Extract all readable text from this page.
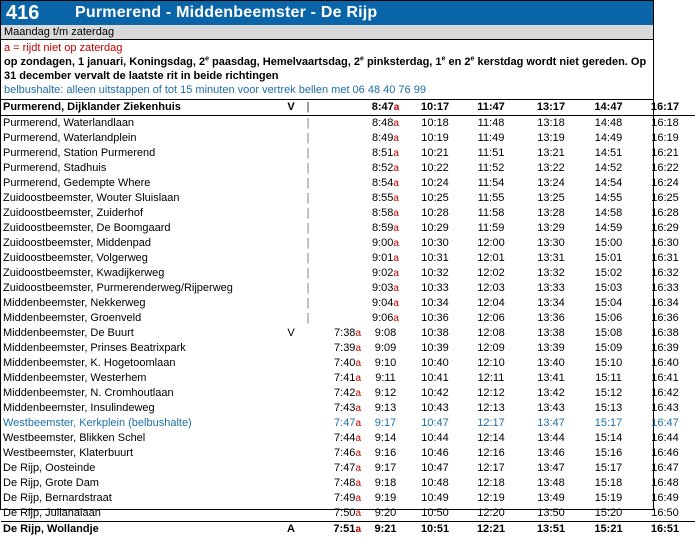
416	Purmerend - Middenbeemster - De Rijp
Maandag t/m zaterdag
a = rijdt niet op zaterdag
op zondagen, 1 januari, Koningsdag, 2e paasdag, Hemelvaartsdag, 2e pinksterdag, 1e en 2e kerstdag wordt niet gereden. Op 31 december vervalt de laatste rit in beide richtingen
belbushalte: alleen uitstappen of tot 15 minuten voor vertrek bellen met 06 48 40 76 99
Purmerend, Dijklander Ziekenhuis	V	|		8:47a	10:17	11:47	13:17	14:47	16:17	
Purmerend, Waterlandlaan		|		8:48a	10:18	11:48	13:18	14:48	16:18	
Purmerend, Waterlandplein		|		8:49a	10:19	11:49	13:19	14:49	16:19	
Purmerend, Station Purmerend		|		8:51a	10:21	11:51	13:21	14:51	16:21	
Purmerend, Stadhuis		|		8:52a	10:22	11:52	13:22	14:52	16:22	
Purmerend, Gedempte Where		|		8:54a	10:24	11:54	13:24	14:54	16:24	
Zuidoostbeemster, Wouter Sluislaan		|		8:55a	10:25	11:55	13:25	14:55	16:25	
Zuidoostbeemster, Zuiderhof		|		8:58a	10:28	11:58	13:28	14:58	16:28	
Zuidoostbeemster, De Boomgaard		|		8:59a	10:29	11:59	13:29	14:59	16:29	
Zuidoostbeemster, Middenpad		|		9:00a	10:30	12:00	13:30	15:00	16:30	
Zuidoostbeemster, Volgerweg		|		9:01a	10:31	12:01	13:31	15:01	16:31	
Zuidoostbeemster, Kwadijkerweg		|		9:02a	10:32	12:02	13:32	15:02	16:32	
Zuidoostbeemster, Purmerenderweg/Rijperweg		|		9:03a	10:33	12:03	13:33	15:03	16:33	
Middenbeemster, Nekkerweg		|		9:04a	10:34	12:04	13:34	15:04	16:34	
Middenbeemster, Groenveld		|		9:06a	10:36	12:06	13:36	15:06	16:36	
Middenbeemster, De Buurt	V		7:38a	9:08	10:38	12:08	13:38	15:08	16:38	
Middenbeemster, Prinses Beatrixpark			7:39a	9:09	10:39	12:09	13:39	15:09	16:39	
Middenbeemster, K. Hogetoomlaan			7:40a	9:10	10:40	12:10	13:40	15:10	16:40	
Middenbeemster, Westerhem			7:41a	9:11	10:41	12:11	13:41	15:11	16:41	
Middenbeemster, N. Cromhoutlaan			7:42a	9:12	10:42	12:12	13:42	15:12	16:42	
Middenbeemster, Insulindeweg			7:43a	9:13	10:43	12:13	13:43	15:13	16:43	
Westbeemster, Kerkplein (belbushalte)			7:47a	9:17	10:47	12:17	13:47	15:17	16:47	
Westbeemster, Blikken Schel			7:44a	9:14	10:44	12:14	13:44	15:14	16:44	
Westbeemster, Klaterbuurt			7:46a	9:16	10:46	12:16	13:46	15:16	16:46	
De Rijp, Oosteinde			7:47a	9:17	10:47	12:17	13:47	15:17	16:47	
De Rijp, Grote Dam			7:48a	9:18	10:48	12:18	13:48	15:18	16:48	
De Rijp, Bernardstraat			7:49a	9:19	10:49	12:19	13:49	15:19	16:49	
De Rijp, Julianalaan			7:50a	9:20	10:50	12:20	13:50	15:20	16:50	
De Rijp, Wollandje	A		7:51a	9:21	10:51	12:21	13:51	15:21	16:51	
